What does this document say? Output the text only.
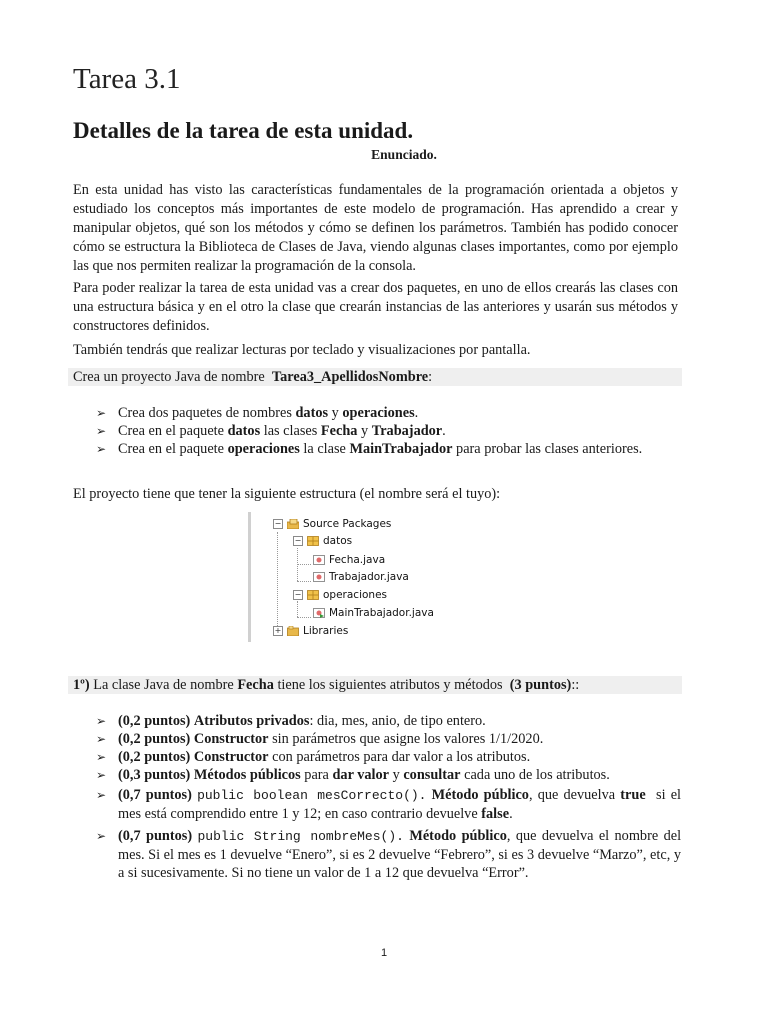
Tarea 3.1
Detalles de la tarea de esta unidad.
Enunciado.
En esta unidad has visto las características fundamentales de la programación orientada a objetos y estudiado los conceptos más importantes de este modelo de programación. Has aprendido a crear y manipular objetos, qué son los métodos y cómo se definen los parámetros. También has podido conocer cómo se estructura la Biblioteca de Clases de Java, viendo algunas clases importantes, como por ejemplo las que nos permiten realizar la programación de la consola.
Para poder realizar la tarea de esta unidad vas a crear dos paquetes, en uno de ellos crearás las clases con una estructura básica y en el otro la clase que crearán instancias de las anteriores y usarán sus métodos y constructores definidos.
También tendrás que realizar lecturas por teclado y visualizaciones por pantalla.
Crea un proyecto Java de nombre Tarea3_ApellidosNombre:
➢ Crea dos paquetes de nombres datos y operaciones.
➢ Crea en el paquete datos las clases Fecha y Trabajador.
➢ Crea en el paquete operaciones la clase MainTrabajador para probar las clases anteriores.
El proyecto tiene que tener la siguiente estructura (el nombre será el tuyo):
− Source Packages
− datos
Fecha.java
Trabajador.java
− operaciones
MainTrabajador.java
+ Libraries
1º) La clase Java de nombre Fecha tiene los siguientes atributos y métodos (3 puntos)::
➢ (0,2 puntos) Atributos privados: dia, mes, anio, de tipo entero.
➢ (0,2 puntos) Constructor sin parámetros que asigne los valores 1/1/2020.
➢ (0,2 puntos) Constructor con parámetros para dar valor a los atributos.
➢ (0,3 puntos) Métodos públicos para dar valor y consultar cada uno de los atributos.
➢ (0,7 puntos) public boolean mesCorrecto(). Método público, que devuelva true si el mes está comprendido entre 1 y 12; en caso contrario devuelve false.
➢ (0,7 puntos) public String nombreMes(). Método público, que devuelva el nombre del mes. Si el mes es 1 devuelve “Enero”, si es 2 devuelve “Febrero”, si es 3 devuelve “Marzo”, etc, y a si sucesivamente. Si no tiene un valor de 1 a 12 que devuelva “Error”.
1
